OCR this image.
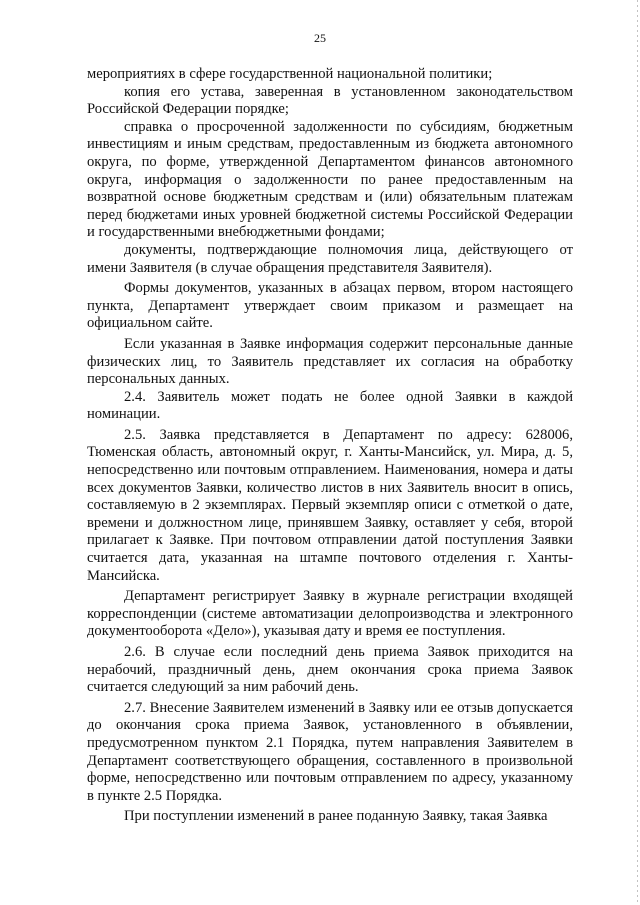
25

мероприятиях в сфере государственной национальной политики;

копия его устава, заверенная в установленном законодательством Российской Федерации порядке;

справка о просроченной задолженности по субсидиям, бюджетным инвестициям и иным средствам, предоставленным из бюджета автономного округа, по форме, утвержденной Департаментом финансов автономного округа, информация о задолженности по ранее предоставленным на возвратной основе бюджетным средствам и (или) обязательным платежам перед бюджетами иных уровней бюджетной системы Российской Федерации и государственными внебюджетными фондами;

документы, подтверждающие полномочия лица, действующего от имени Заявителя (в случае обращения представителя Заявителя).

Формы документов, указанных в абзацах первом, втором настоящего пункта, Департамент утверждает своим приказом и размещает на официальном сайте.

Если указанная в Заявке информация содержит персональные данные физических лиц, то Заявитель представляет их согласия на обработку персональных данных.

2.4. Заявитель может подать не более одной Заявки в каждой номинации.

2.5. Заявка представляется в Департамент по адресу: 628006, Тюменская область, автономный округ, г. Ханты-Мансийск, ул. Мира, д. 5, непосредственно или почтовым отправлением. Наименования, номера и даты всех документов Заявки, количество листов в них Заявитель вносит в опись, составляемую в 2 экземплярах. Первый экземпляр описи с отметкой о дате, времени и должностном лице, принявшем Заявку, оставляет у себя, второй прилагает к Заявке. При почтовом отправлении датой поступления Заявки считается дата, указанная на штампе почтового отделения г. Ханты-Мансийска.

Департамент регистрирует Заявку в журнале регистрации входящей корреспонденции (системе автоматизации делопроизводства и электронного документооборота «Дело»), указывая дату и время ее поступления.

2.6. В случае если последний день приема Заявок приходится на нерабочий, праздничный день, днем окончания срока приема Заявок считается следующий за ним рабочий день.

2.7. Внесение Заявителем изменений в Заявку или ее отзыв допускается до окончания срока приема Заявок, установленного в объявлении, предусмотренном пунктом 2.1 Порядка, путем направления Заявителем в Департамент соответствующего обращения, составленного в произвольной форме, непосредственно или почтовым отправлением по адресу, указанному в пункте 2.5 Порядка.

При поступлении изменений в ранее поданную Заявку, такая Заявка
